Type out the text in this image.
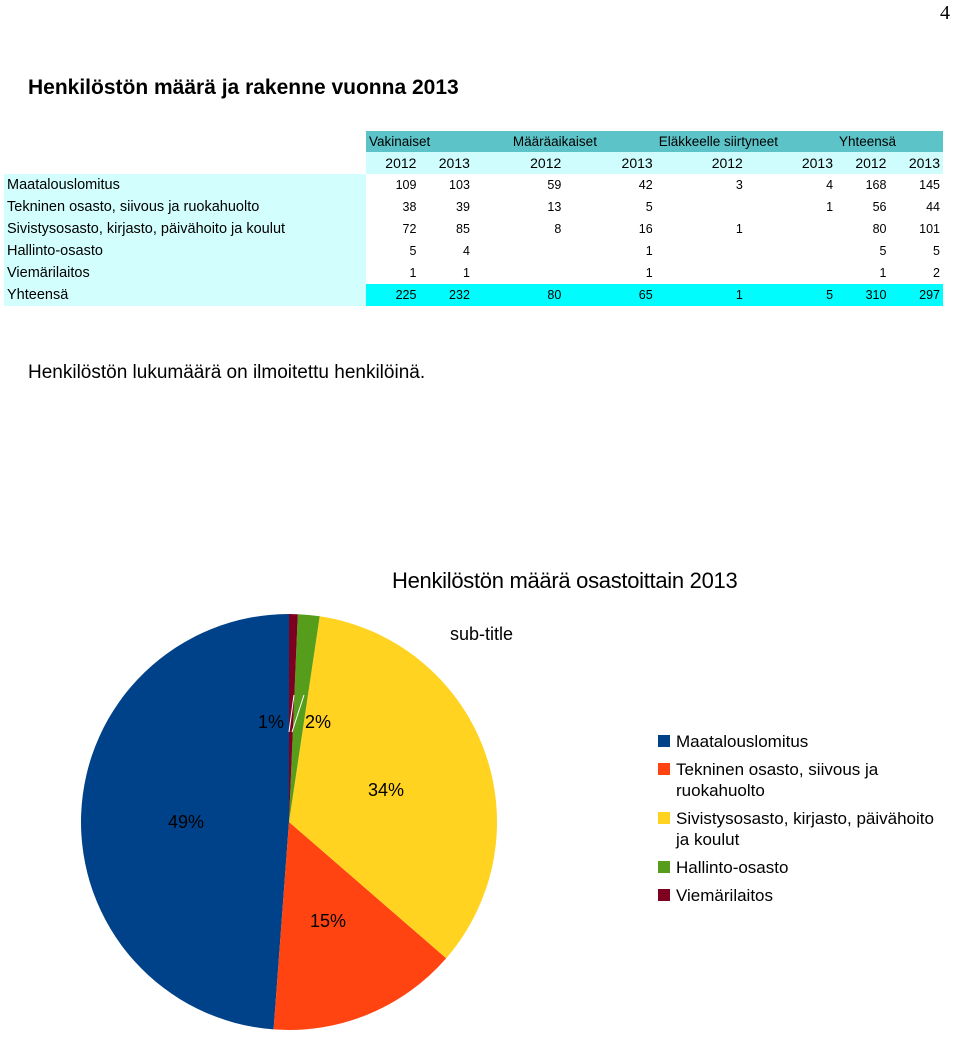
4
Henkilöstön määrä ja rakenne vuonna 2013
	Vakinaiset		Määräaikaiset		Eläkkeelle siirtyneet		Yhteensä	
	2012	2013	2012	2013	2012	2013	2012	2013
Maatalouslomitus	109	103	59	42	3	4	168	145
Tekninen osasto, siivous ja ruokahuolto	38	39	13	5		1	56	44
Sivistysosasto, kirjasto, päivähoito ja koulut	72	85	8	16	1		80	101
Hallinto-osasto	5	4		1			5	5
Viemärilaitos	1	1		1			1	2
Yhteensä	225	232	80	65	1	5	310	297
Henkilöstön lukumäärä on ilmoitettu henkilöinä.
Henkilöstön määrä osastoittain 2013
sub-title
49%
15%
34%
2%
1%
Maatalouslomitus
Tekninen osasto, siivous ja
ruokahuolto
Sivistysosasto, kirjasto, päivähoito
ja koulut
Hallinto-osasto
Viemärilaitos
